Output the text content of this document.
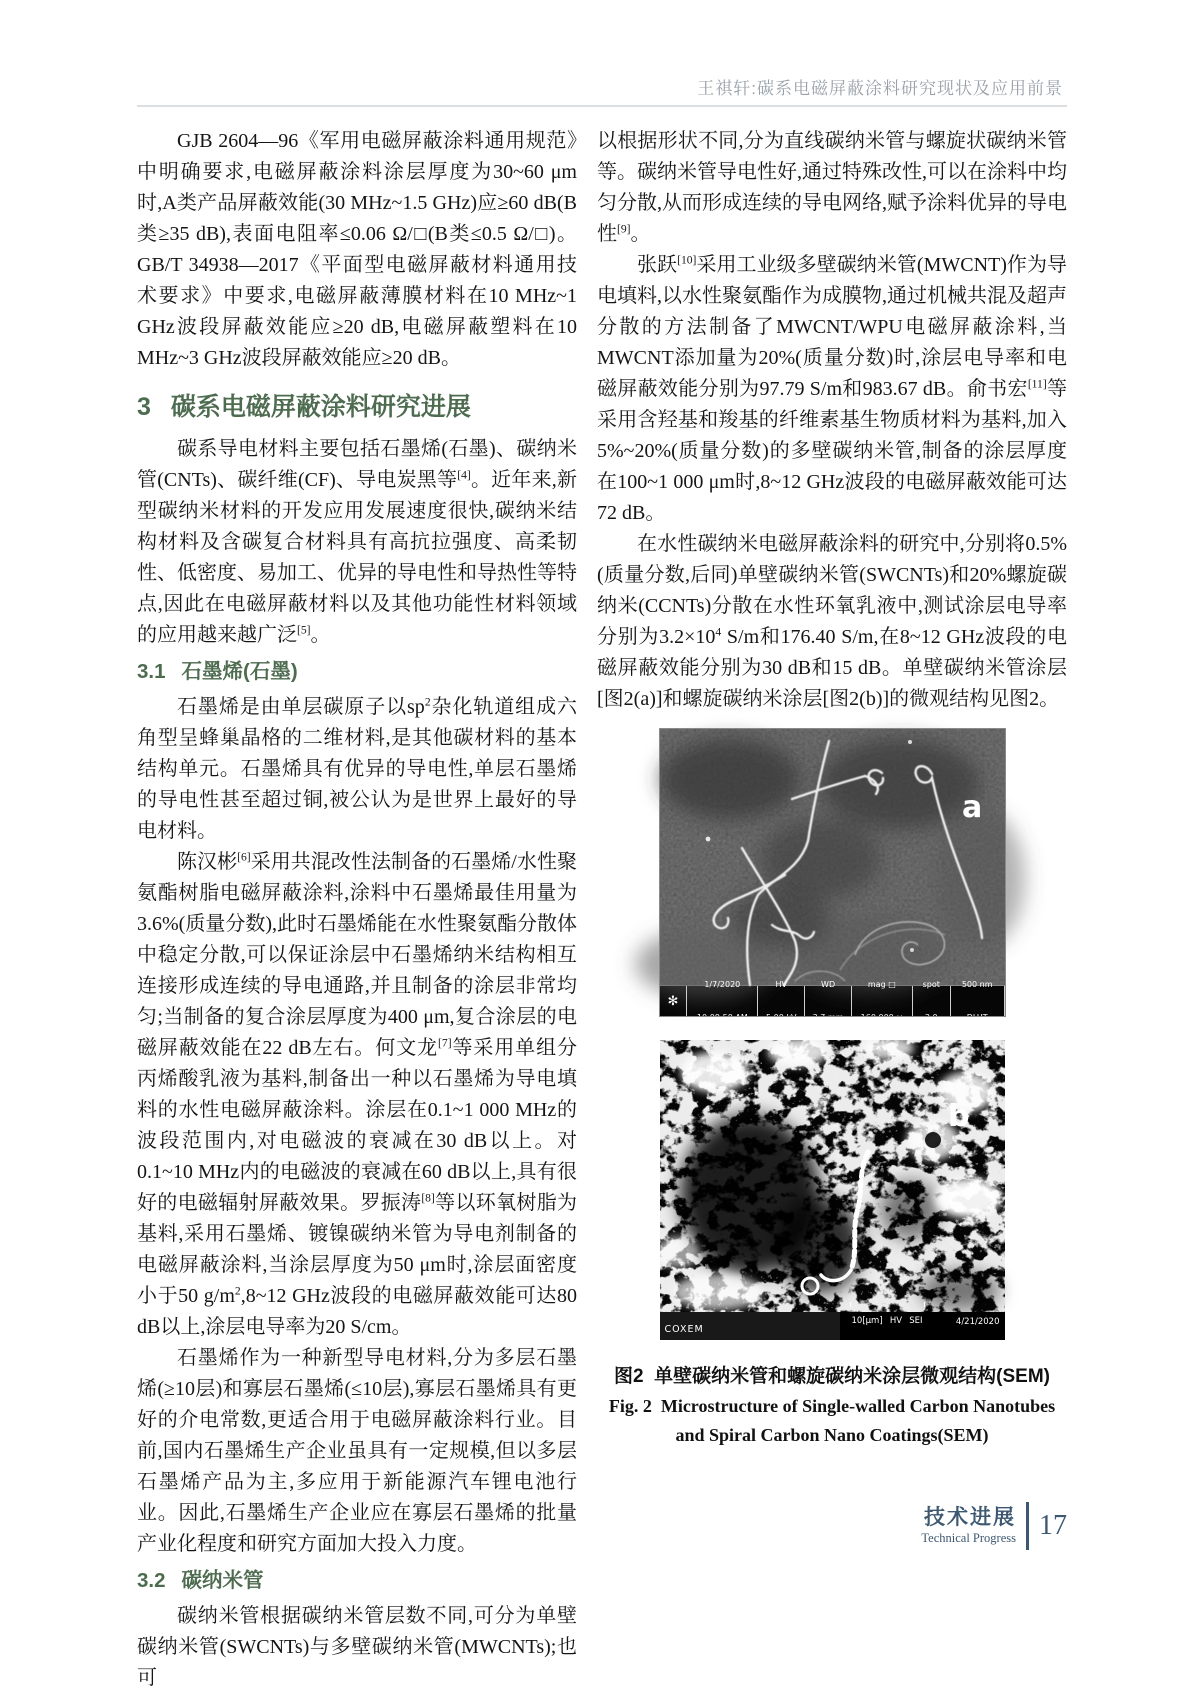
王祺轩:碳系电磁屏蔽涂料研究现状及应用前景

GJB 2604—96《军用电磁屏蔽涂料通用规范》中明确要求,电磁屏蔽涂料涂层厚度为30~60 μm时,A类产品屏蔽效能(30 MHz~1.5 GHz)应≥60 dB(B类≥35 dB),表面电阻率≤0.06 Ω/□(B类≤0.5 Ω/□)。GB/T 34938—2017《平面型电磁屏蔽材料通用技术要求》中要求,电磁屏蔽薄膜材料在10 MHz~1 GHz波段屏蔽效能应≥20 dB,电磁屏蔽塑料在10 MHz~3 GHz波段屏蔽效能应≥20 dB。

3 碳系电磁屏蔽涂料研究进展

碳系导电材料主要包括石墨烯(石墨)、碳纳米管(CNTs)、碳纤维(CF)、导电炭黑等[4]。近年来,新型碳纳米材料的开发应用发展速度很快,碳纳米结构材料及含碳复合材料具有高抗拉强度、高柔韧性、低密度、易加工、优异的导电性和导热性等特点,因此在电磁屏蔽材料以及其他功能性材料领域的应用越来越广泛[5]。

3.1 石墨烯(石墨)

石墨烯是由单层碳原子以$sp^2$杂化轨道组成六角型呈蜂巢晶格的二维材料,是其他碳材料的基本结构单元。石墨烯具有优异的导电性,单层石墨烯的导电性甚至超过铜,被公认为是世界上最好的导电材料。

陈汉彬[6]采用共混改性法制备的石墨烯/水性聚氨酯树脂电磁屏蔽涂料,涂料中石墨烯最佳用量为3.6%(质量分数),此时石墨烯能在水性聚氨酯分散体中稳定分散,可以保证涂层中石墨烯纳米结构相互连接形成连续的导电通路,并且制备的涂层非常均匀;当制备的复合涂层厚度为400 μm,复合涂层的电磁屏蔽效能在22 dB左右。何文龙[7]等采用单组分丙烯酸乳液为基料,制备出一种以石墨烯为导电填料的水性电磁屏蔽涂料。涂层在0.1~1 000 MHz的波段范围内,对电磁波的衰减在30 dB以上。对0.1~10 MHz内的电磁波的衰减在60 dB以上,具有很好的电磁辐射屏蔽效果。罗振涛[8]等以环氧树脂为基料,采用石墨烯、镀镍碳纳米管为导电剂制备的电磁屏蔽涂料,当涂层厚度为50 μm时,涂层面密度小于50 $g/m^2,8\sim 12$ GHz波段的电磁屏蔽效能可达80 dB以上,涂层电导率为20 S/cm。

石墨烯作为一种新型导电材料,分为多层石墨烯(≥10层)和寡层石墨烯(≤10层),寡层石墨烯具有更好的介电常数,更适合用于电磁屏蔽涂料行业。目前,国内石墨烯生产企业虽具有一定规模,但以多层石墨烯产品为主,多应用于新能源汽车锂电池行业。因此,石墨烯生产企业应在寡层石墨烯的批量产业化程度和研究方面加大投入力度。

3.2 碳纳米管

碳纳米管根据碳纳米管层数不同,可分为单壁碳纳米管(SWCNTs)与多壁碳纳米管(MWCNTs);也可

以根据形状不同,分为直线碳纳米管与螺旋状碳纳米管等。碳纳米管导电性好,通过特殊改性,可以在涂料中均匀分散,从而形成连续的导电网络,赋予涂料优异的导电性[9]。

张跃[10]采用工业级多壁碳纳米管(MWCNT)作为导电填料,以水性聚氨酯作为成膜物,通过机械共混及超声分散的方法制备了MWCNT/WPU电磁屏蔽涂料,当MWCNT添加量为20%(质量分数)时,涂层电导率和电磁屏蔽效能分别为97.79 S/m和983.67 dB。俞书宏[11]等采用含羟基和羧基的纤维素基生物质材料为基料,加入5%~20%(质量分数)的多壁碳纳米管,制备的涂层厚度在100~1 000 μm时,8~12 GHz波段的电磁屏蔽效能可达72 dB。

在水性碳纳米电磁屏蔽涂料的研究中,分别将0.5%(质量分数,后同)单壁碳纳米管(SWCNTs)和20%螺旋碳纳米(CCNTs)分散在水性环氧乳液中,测试涂层电导率分别为$3.2\times 10^4$ S/m和176.40 S/m,在8~12 GHz波段的电磁屏蔽效能分别为30 dB和15 dB。单壁碳纳米管涂层[图2(a)]和螺旋碳纳米涂层[图2(b)]的微观结构见图2。

a
✻
1/7/2020
10:09:50 AM
HV
5.00 kV
WD
3.7 mm
mag □
160 000 ×
spot
3.0
500 nm
DLUT
b
COXEM
20.0[kV]  SP=13.0  WD=7.4  ×5.0k
10[μm] HV SEI	4/21/2020
图2  单壁碳纳米管和螺旋碳纳米涂层微观结构(SEM)
Fig. 2  Microstructure of Single-walled Carbon Nanotubes
and Spiral Carbon Nano Coatings(SEM)
技术进展
Technical Progress 17
